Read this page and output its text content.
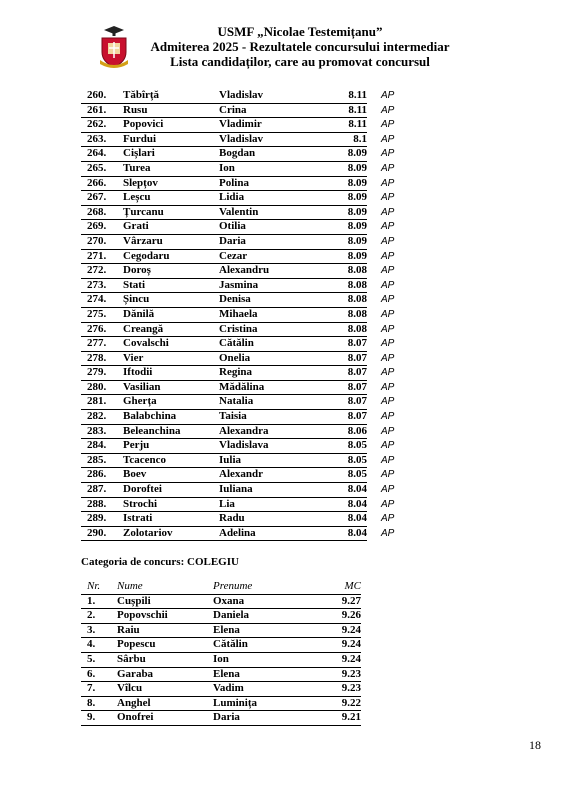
USMF „Nicolae Testemițanu”
Admiterea 2025 - Rezultatele concursului intermediar
Lista candidaților, care au promovat concursul
260.	Tăbîrță	Vladislav	8.11	AP
261.	Rusu	Crina	8.11	AP
262.	Popovici	Vladimir	8.11	AP
263.	Furdui	Vladislav	8.1	AP
264.	Cișlari	Bogdan	8.09	AP
265.	Turea	Ion	8.09	AP
266.	Slepțov	Polina	8.09	AP
267.	Leșcu	Lidia	8.09	AP
268.	Țurcanu	Valentin	8.09	AP
269.	Grati	Otilia	8.09	AP
270.	Vârzaru	Daria	8.09	AP
271.	Cegodaru	Cezar	8.09	AP
272.	Doroș	Alexandru	8.08	AP
273.	Stati	Jasmina	8.08	AP
274.	Șincu	Denisa	8.08	AP
275.	Dănilă	Mihaela	8.08	AP
276.	Creangă	Cristina	8.08	AP
277.	Covalschi	Cătălin	8.07	AP
278.	Vier	Onelia	8.07	AP
279.	Iftodii	Regina	8.07	AP
280.	Vasilian	Mădălina	8.07	AP
281.	Gherța	Natalia	8.07	AP
282.	Balabchina	Taisia	8.07	AP
283.	Beleanchina	Alexandra	8.06	AP
284.	Perju	Vladislava	8.05	AP
285.	Tcacenco	Iulia	8.05	AP
286.	Boev	Alexandr	8.05	AP
287.	Doroftei	Iuliana	8.04	AP
288.	Strochi	Lia	8.04	AP
289.	Istrati	Radu	8.04	AP
290.	Zolotariov	Adelina	8.04	AP
Categoria de concurs: COLEGIU
Nr.	Nume	Prenume	MC
1.	Cușpili	Oxana	9.27
2.	Popovschii	Daniela	9.26
3.	Raiu	Elena	9.24
4.	Popescu	Cătălin	9.24
5.	Sârbu	Ion	9.24
6.	Garaba	Elena	9.23
7.	Vîlcu	Vadim	9.23
8.	Anghel	Luminița	9.22
9.	Onofrei	Daria	9.21
18
